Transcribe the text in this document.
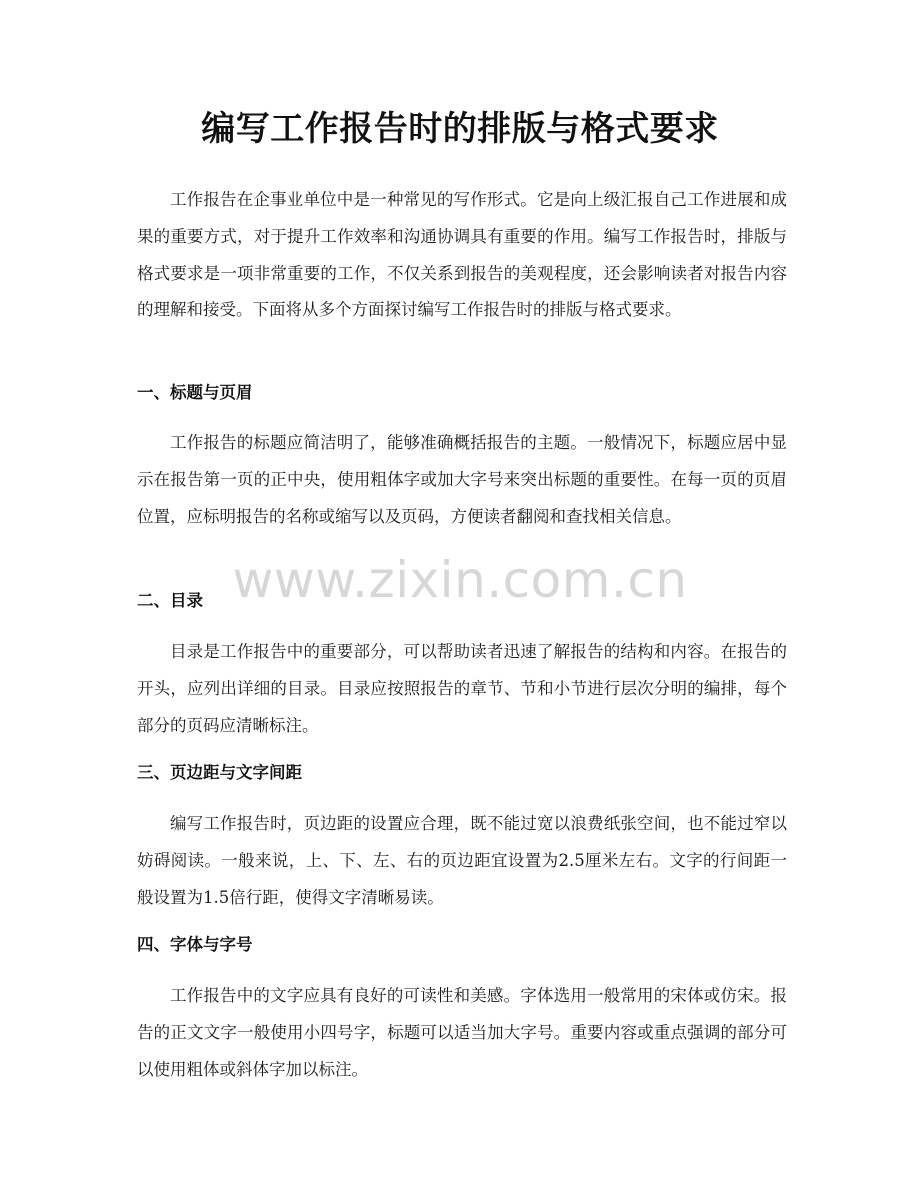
编写工作报告时的排版与格式要求

工作报告在企事业单位中是一种常见的写作形式。它是向上级汇报自己工作进展和成果的重要方式，对于提升工作效率和沟通协调具有重要的作用。编写工作报告时，排版与格式要求是一项非常重要的工作，不仅关系到报告的美观程度，还会影响读者对报告内容的理解和接受。下面将从多个方面探讨编写工作报告时的排版与格式要求。

一、标题与页眉

工作报告的标题应简洁明了，能够准确概括报告的主题。一般情况下，标题应居中显示在报告第一页的正中央，使用粗体字或加大字号来突出标题的重要性。在每一页的页眉位置，应标明报告的名称或缩写以及页码，方便读者翻阅和查找相关信息。

二、目录

目录是工作报告中的重要部分，可以帮助读者迅速了解报告的结构和内容。在报告的开头，应列出详细的目录。目录应按照报告的章节、节和小节进行层次分明的编排，每个部分的页码应清晰标注。

三、页边距与文字间距

编写工作报告时，页边距的设置应合理，既不能过宽以浪费纸张空间，也不能过窄以妨碍阅读。一般来说，上、下、左、右的页边距宜设置为2.5厘米左右。文字的行间距一般设置为1.5倍行距，使得文字清晰易读。

四、字体与字号

工作报告中的文字应具有良好的可读性和美感。字体选用一般常用的宋体或仿宋。报告的正文文字一般使用小四号字，标题可以适当加大字号。重要内容或重点强调的部分可以使用粗体或斜体字加以标注。

www.zixin.com.cn
